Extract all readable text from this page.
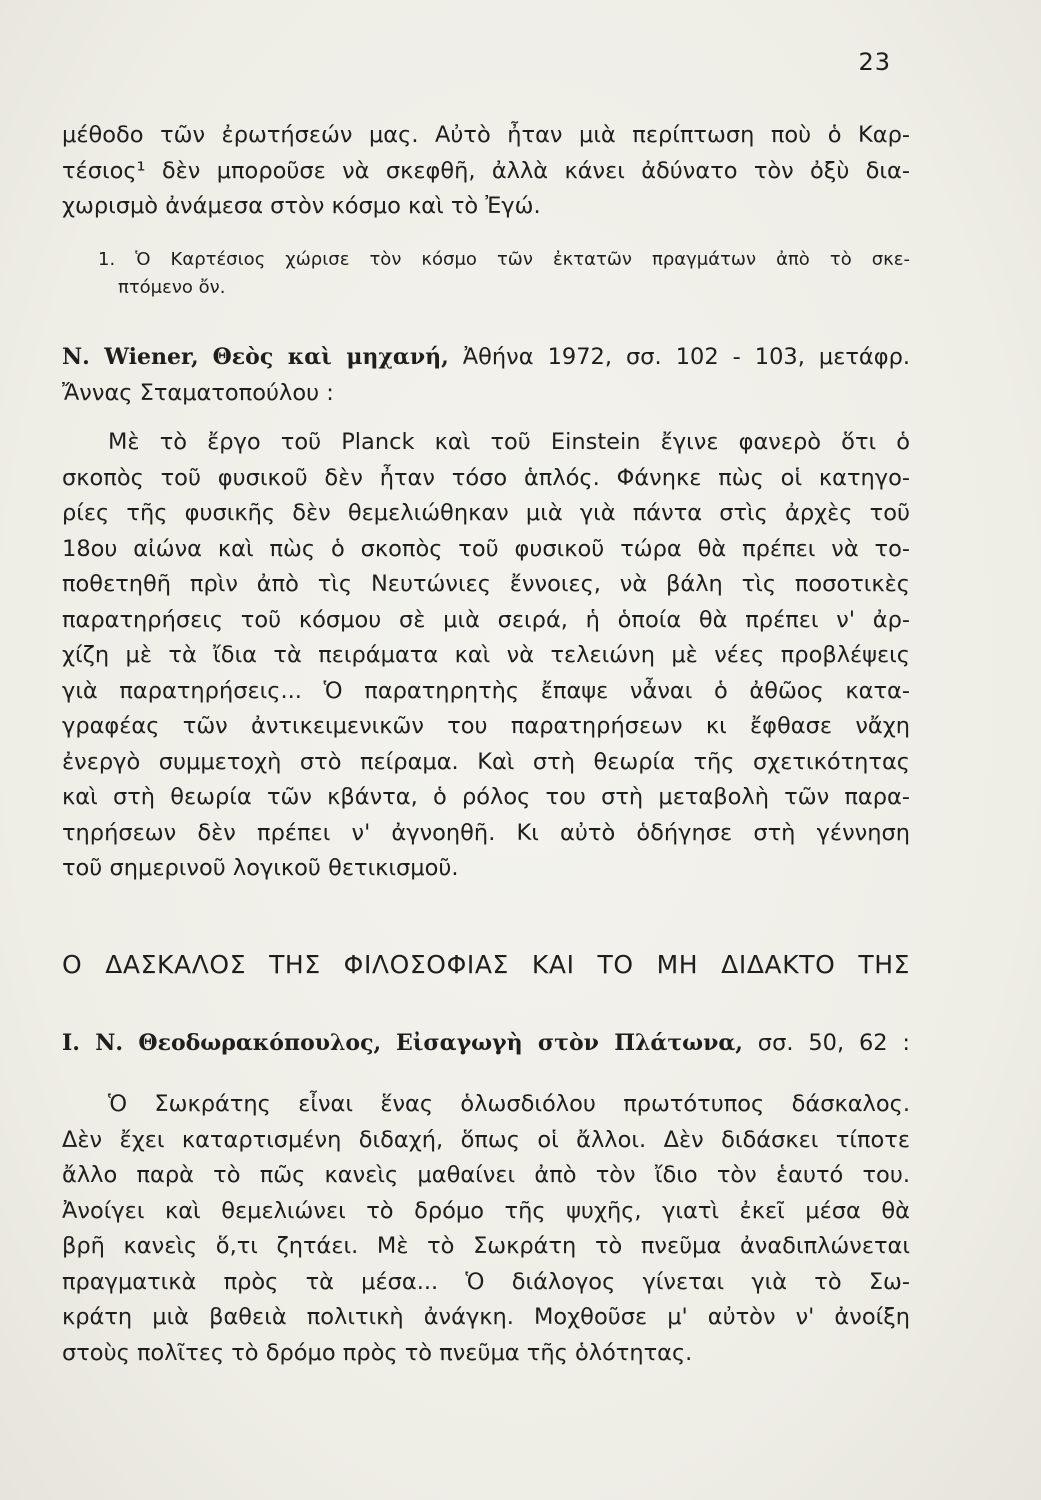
23

μέθοδο τῶν ἐρωτήσεών μας. Αὐτὸ ἦταν μιὰ περίπτωση ποὺ ὁ Καρ-
τέσιος¹ δὲν μποροῦσε νὰ σκεφθῆ, ἀλλὰ κάνει ἀδύνατο τὸν ὀξὺ δια-
χωρισμὸ ἀνάμεσα στὸν κόσμο καὶ τὸ Ἐγώ.

1. Ὁ Καρτέσιος χώρισε τὸν κόσμο τῶν ἐκτατῶν πραγμάτων ἀπὸ τὸ σκε-
πτόμενο ὄν.

Ν. Wiener, Θεὸς καὶ μηχανή, Ἀθήνα 1972, σσ. 102 - 103, μετάφρ.
Ἄννας Σταματοπούλου :

Μὲ τὸ ἔργο τοῦ Planck καὶ τοῦ Einstein ἔγινε φανερὸ ὅτι ὁ
σκοπὸς τοῦ φυσικοῦ δὲν ἦταν τόσο ἁπλός. Φάνηκε πὼς οἱ κατηγο-
ρίες τῆς φυσικῆς δὲν θεμελιώθηκαν μιὰ γιὰ πάντα στὶς ἀρχὲς τοῦ
18ου αἰώνα καὶ πὼς ὁ σκοπὸς τοῦ φυσικοῦ τώρα θὰ πρέπει νὰ το-
ποθετηθῆ πρὶν ἀπὸ τὶς Νευτώνιες ἔννοιες, νὰ βάλη τὶς ποσοτικὲς
παρατηρήσεις τοῦ κόσμου σὲ μιὰ σειρά, ἡ ὁποία θὰ πρέπει ν' ἀρ-
χίζη μὲ τὰ ἴδια τὰ πειράματα καὶ νὰ τελειώνη μὲ νέες προβλέψεις
γιὰ παρατηρήσεις... Ὁ παρατηρητὴς ἔπαψε νἆναι ὁ ἀθῶος κατα-
γραφέας τῶν ἀντικειμενικῶν του παρατηρήσεων κι ἔφθασε νἄχη
ἐνεργὸ συμμετοχὴ στὸ πείραμα. Καὶ στὴ θεωρία τῆς σχετικότητας
καὶ στὴ θεωρία τῶν κβάντα, ὁ ρόλος του στὴ μεταβολὴ τῶν παρα-
τηρήσεων δὲν πρέπει ν' ἀγνοηθῆ. Κι αὐτὸ ὁδήγησε στὴ γέννηση
τοῦ σημερινοῦ λογικοῦ θετικισμοῦ.

Ο ΔΑΣΚΑΛΟΣ ΤΗΣ ΦΙΛΟΣΟΦΙΑΣ ΚΑΙ ΤΟ ΜΗ ΔΙΔΑΚΤΟ ΤΗΣ
Ι. Ν. Θεοδωρακόπουλος, Εἰσαγωγὴ στὸν Πλάτωνα, σσ. 50, 62 :

Ὁ Σωκράτης εἶναι ἕνας ὁλωσδιόλου πρωτότυπος δάσκαλος.
Δὲν ἔχει καταρτισμένη διδαχή, ὅπως οἱ ἄλλοι. Δὲν διδάσκει τίποτε
ἄλλο παρὰ τὸ πῶς κανεὶς μαθαίνει ἀπὸ τὸν ἴδιο τὸν ἑαυτό του.
Ἀνοίγει καὶ θεμελιώνει τὸ δρόμο τῆς ψυχῆς, γιατὶ ἐκεῖ μέσα θὰ
βρῆ κανεὶς ὅ,τι ζητάει. Μὲ τὸ Σωκράτη τὸ πνεῦμα ἀναδιπλώνεται
πραγματικὰ πρὸς τὰ μέσα... Ὁ διάλογος γίνεται γιὰ τὸ Σω-
κράτη μιὰ βαθειὰ πολιτικὴ ἀνάγκη. Μοχθοῦσε μ' αὐτὸν ν' ἀνοίξη
στοὺς πολῖτες τὸ δρόμο πρὸς τὸ πνεῦμα τῆς ὁλότητας.
